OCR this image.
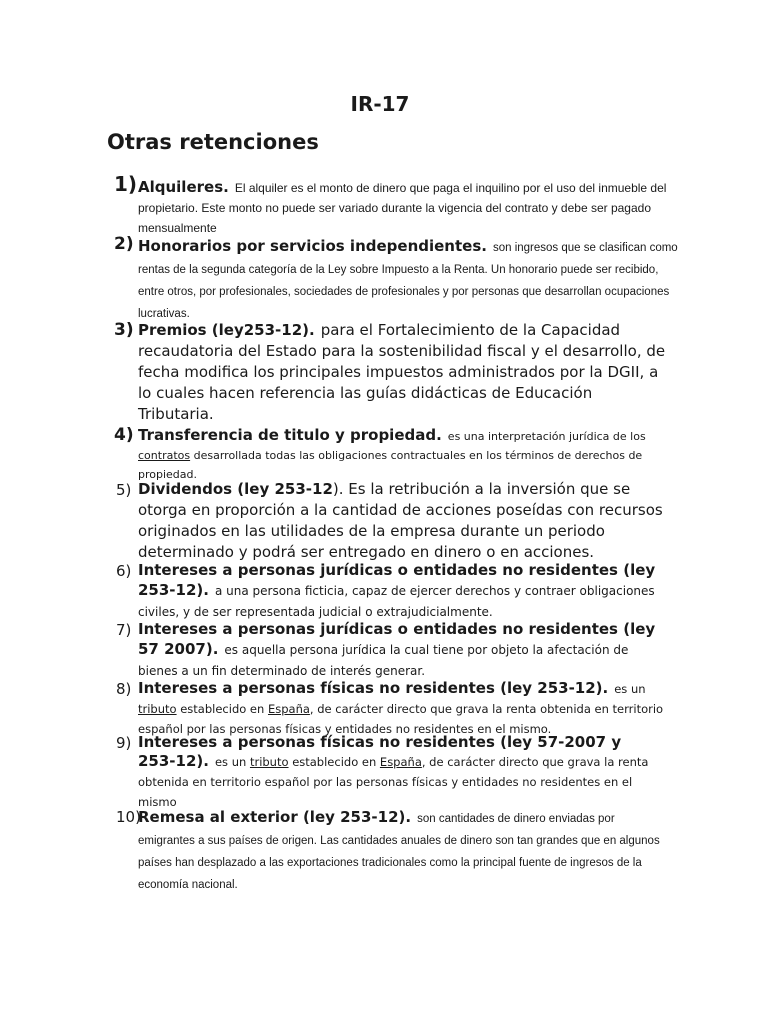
IR-17
Otras retenciones
1) Alquileres. El alquiler es el monto de dinero que paga el inquilino por el uso del inmueble del propietario. Este monto no puede ser variado durante la vigencia del contrato y debe ser pagado mensualmente
2) Honorarios por servicios independientes. son ingresos que se clasifican como rentas de la segunda categoría de la Ley sobre Impuesto a la Renta. Un honorario puede ser recibido, entre otros, por profesionales, sociedades de profesionales y por personas que desarrollan ocupaciones lucrativas.
3) Premios (ley253-12). para el Fortalecimiento de la Capacidad recaudatoria del Estado para la sostenibilidad fiscal y el desarrollo, de fecha modifica los principales impuestos administrados por la DGII, a lo cuales hacen referencia las guías didácticas de Educación Tributaria.
4) Transferencia de titulo y propiedad. es una interpretación jurídica de los contratos desarrollada todas las obligaciones contractuales en los términos de derechos de propiedad.
5) Dividendos (ley 253-12). Es la retribución a la inversión que se otorga en proporción a la cantidad de acciones poseídas con recursos originados en las utilidades de la empresa durante un periodo determinado y podrá ser entregado en dinero o en acciones.
6) Intereses a personas jurídicas o entidades no residentes (ley 253-12). a una persona ficticia, capaz de ejercer derechos y contraer obligaciones civiles, y de ser representada judicial o extrajudicialmente.
7) Intereses a personas jurídicas o entidades no residentes (ley 57 2007). es aquella persona jurídica la cual tiene por objeto la afectación de bienes a un fin determinado de interés generar.
8) Intereses a personas físicas no residentes (ley 253-12). es un tributo establecido en España, de carácter directo que grava la renta obtenida en territorio español por las personas físicas y entidades no residentes en el mismo.
9) Intereses a personas físicas no residentes (ley 57-2007 y 253-12). es un tributo establecido en España, de carácter directo que grava la renta obtenida en territorio español por las personas físicas y entidades no residentes en el mismo
10)
Remesa al exterior (ley 253-12). son cantidades de dinero enviadas por emigrantes a sus países de origen. Las cantidades anuales de dinero son tan grandes que en algunos países han desplazado a las exportaciones tradicionales como la principal fuente de ingresos de la economía nacional.
